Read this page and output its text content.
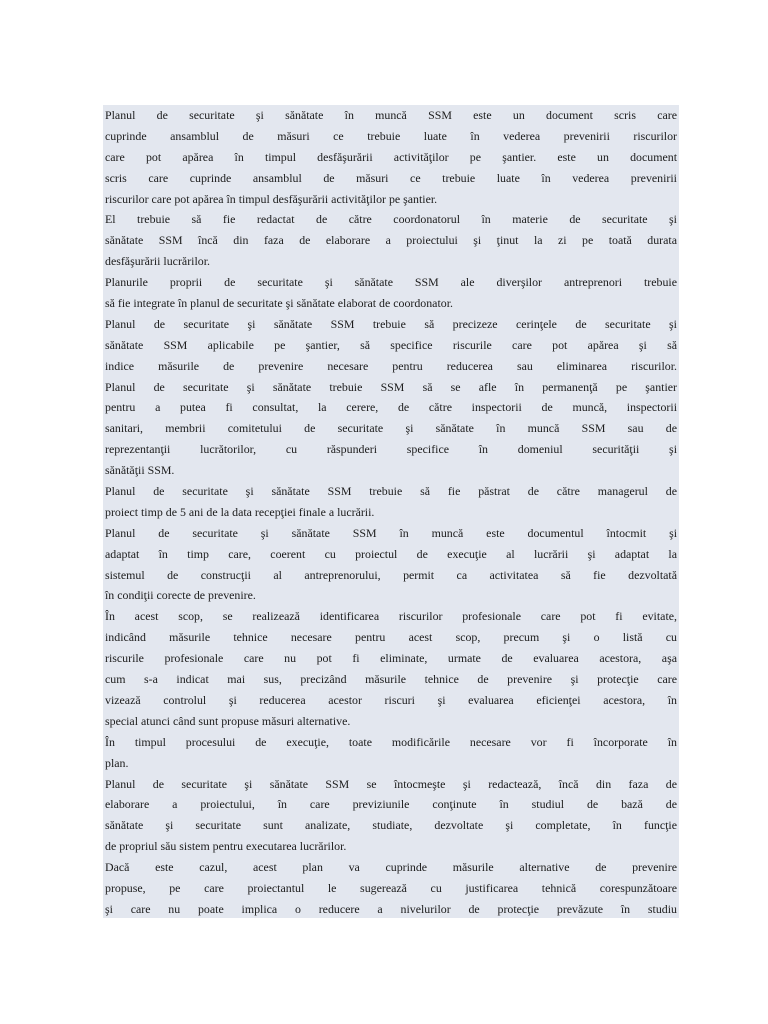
Planul de securitate şi sănătate în muncă SSM este un document scris care
cuprinde ansamblul de măsuri ce trebuie luate în vederea prevenirii riscurilor
care pot apărea în timpul desfăşurării activităţilor pe şantier. este un document
scris care cuprinde ansamblul de măsuri ce trebuie luate în vederea prevenirii
riscurilor care pot apărea în timpul desfăşurării activităţilor pe şantier.
El trebuie să fie redactat de către coordonatorul în materie de securitate şi
sănătate SSM încă din faza de elaborare a proiectului şi ţinut la zi pe toată durata
desfăşurării lucrărilor.
Planurile proprii de securitate şi sănătate SSM ale diverşilor antreprenori trebuie
să fie integrate în planul de securitate şi sănătate elaborat de coordonator.
Planul de securitate şi sănătate SSM trebuie să precizeze cerinţele de securitate şi
sănătate SSM aplicabile pe şantier, să specifice riscurile care pot apărea şi să
indice măsurile de prevenire necesare pentru reducerea sau eliminarea riscurilor.
Planul de securitate şi sănătate trebuie SSM să se afle în permanenţă pe şantier
pentru a putea fi consultat, la cerere, de către inspectorii de muncă, inspectorii
sanitari, membrii comitetului de securitate şi sănătate în muncă SSM sau de
reprezentanţii lucrătorilor, cu răspunderi specifice în domeniul securităţii şi
sănătăţii SSM.
Planul de securitate şi sănătate SSM trebuie să fie păstrat de către managerul de
proiect timp de 5 ani de la data recepţiei finale a lucrării.
Planul de securitate şi sănătate SSM în muncă este documentul întocmit şi
adaptat în timp care, coerent cu proiectul de execuţie al lucrării şi adaptat la
sistemul de construcţii al antreprenorului, permit ca activitatea să fie dezvoltată
în condiţii corecte de prevenire.
În acest scop, se realizează identificarea riscurilor profesionale care pot fi evitate,
indicând măsurile tehnice necesare pentru acest scop, precum şi o listă cu
riscurile profesionale care nu pot fi eliminate, urmate de evaluarea acestora, aşa
cum s-a indicat mai sus, precizând măsurile tehnice de prevenire şi protecţie care
vizează controlul şi reducerea acestor riscuri şi evaluarea eficienţei acestora, în
special atunci când sunt propuse măsuri alternative.
În timpul procesului de execuţie, toate modificările necesare vor fi încorporate în
plan.
Planul de securitate şi sănătate SSM se întocmeşte şi redactează, încă din faza de
elaborare a proiectului, în care previziunile conţinute în studiul de bază de
sănătate şi securitate sunt analizate, studiate, dezvoltate şi completate, în funcţie
de propriul său sistem pentru executarea lucrărilor.
Dacă este cazul, acest plan va cuprinde măsurile alternative de prevenire
propuse, pe care proiectantul le sugerează cu justificarea tehnică corespunzătoare
şi care nu poate implica o reducere a nivelurilor de protecţie prevăzute în studiu
